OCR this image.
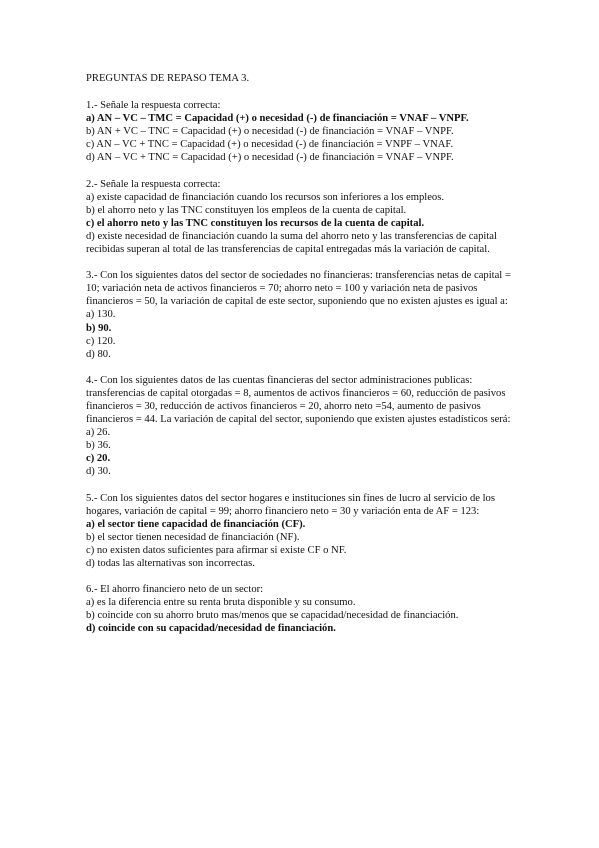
PREGUNTAS DE REPASO TEMA 3.
1.- Señale la respuesta correcta:
a) AN – VC – TMC = Capacidad (+) o necesidad (-) de financiación = VNAF – VNPF.
b) AN + VC – TNC = Capacidad (+) o necesidad (-) de financiación = VNAF – VNPF.
c) AN – VC + TNC = Capacidad (+) o necesidad (-) de financiación = VNPF – VNAF.
d) AN – VC + TNC = Capacidad (+) o necesidad (-) de financiación = VNAF – VNPF.
2.- Señale la respuesta correcta:
a) existe capacidad de financiación cuando los recursos son inferiores a los empleos.
b) el ahorro neto y las TNC constituyen los empleos de la cuenta de capital.
c) el ahorro neto y las TNC constituyen los recursos de la cuenta de capital.
d) existe necesidad de financiación cuando la suma del ahorro neto y las transferencias de capital recibidas superan al total de las transferencias de capital entregadas más la variación de capital.
3.- Con los siguientes datos del sector de sociedades no financieras: transferencias netas de capital = 10; variación neta de activos financieros = 70; ahorro neto = 100 y variación neta de pasivos financieros = 50, la variación de capital de este sector, suponiendo que no existen ajustes es igual a:
a) 130.
b) 90.
c) 120.
d) 80.
4.- Con los siguientes datos de las cuentas financieras del sector administraciones publicas: transferencias de capital otorgadas = 8, aumentos de activos financieros = 60, reducción de pasivos financieros = 30, reducción de activos financieros = 20, ahorro neto =54, aumento de pasivos financieros = 44. La variación de capital del sector, suponiendo que existen ajustes estadísticos será:
a) 26.
b) 36.
c) 20.
d) 30.
5.- Con los siguientes datos del sector hogares e instituciones sin fines de lucro al servicio de los hogares, variación de capital = 99; ahorro financiero neto = 30 y variación enta de AF = 123:
a) el sector tiene capacidad de financiación (CF).
b) el sector tienen necesidad de financiación (NF).
c) no existen datos suficientes para afirmar si existe CF o NF.
d) todas las alternativas son incorrectas.
6.- El ahorro financiero neto de un sector:
a) es la diferencia entre su renta bruta disponible y su consumo.
b) coincide con su ahorro bruto mas/menos que se capacidad/necesidad de financiación.
d) coincide con su capacidad/necesidad de financiación.
